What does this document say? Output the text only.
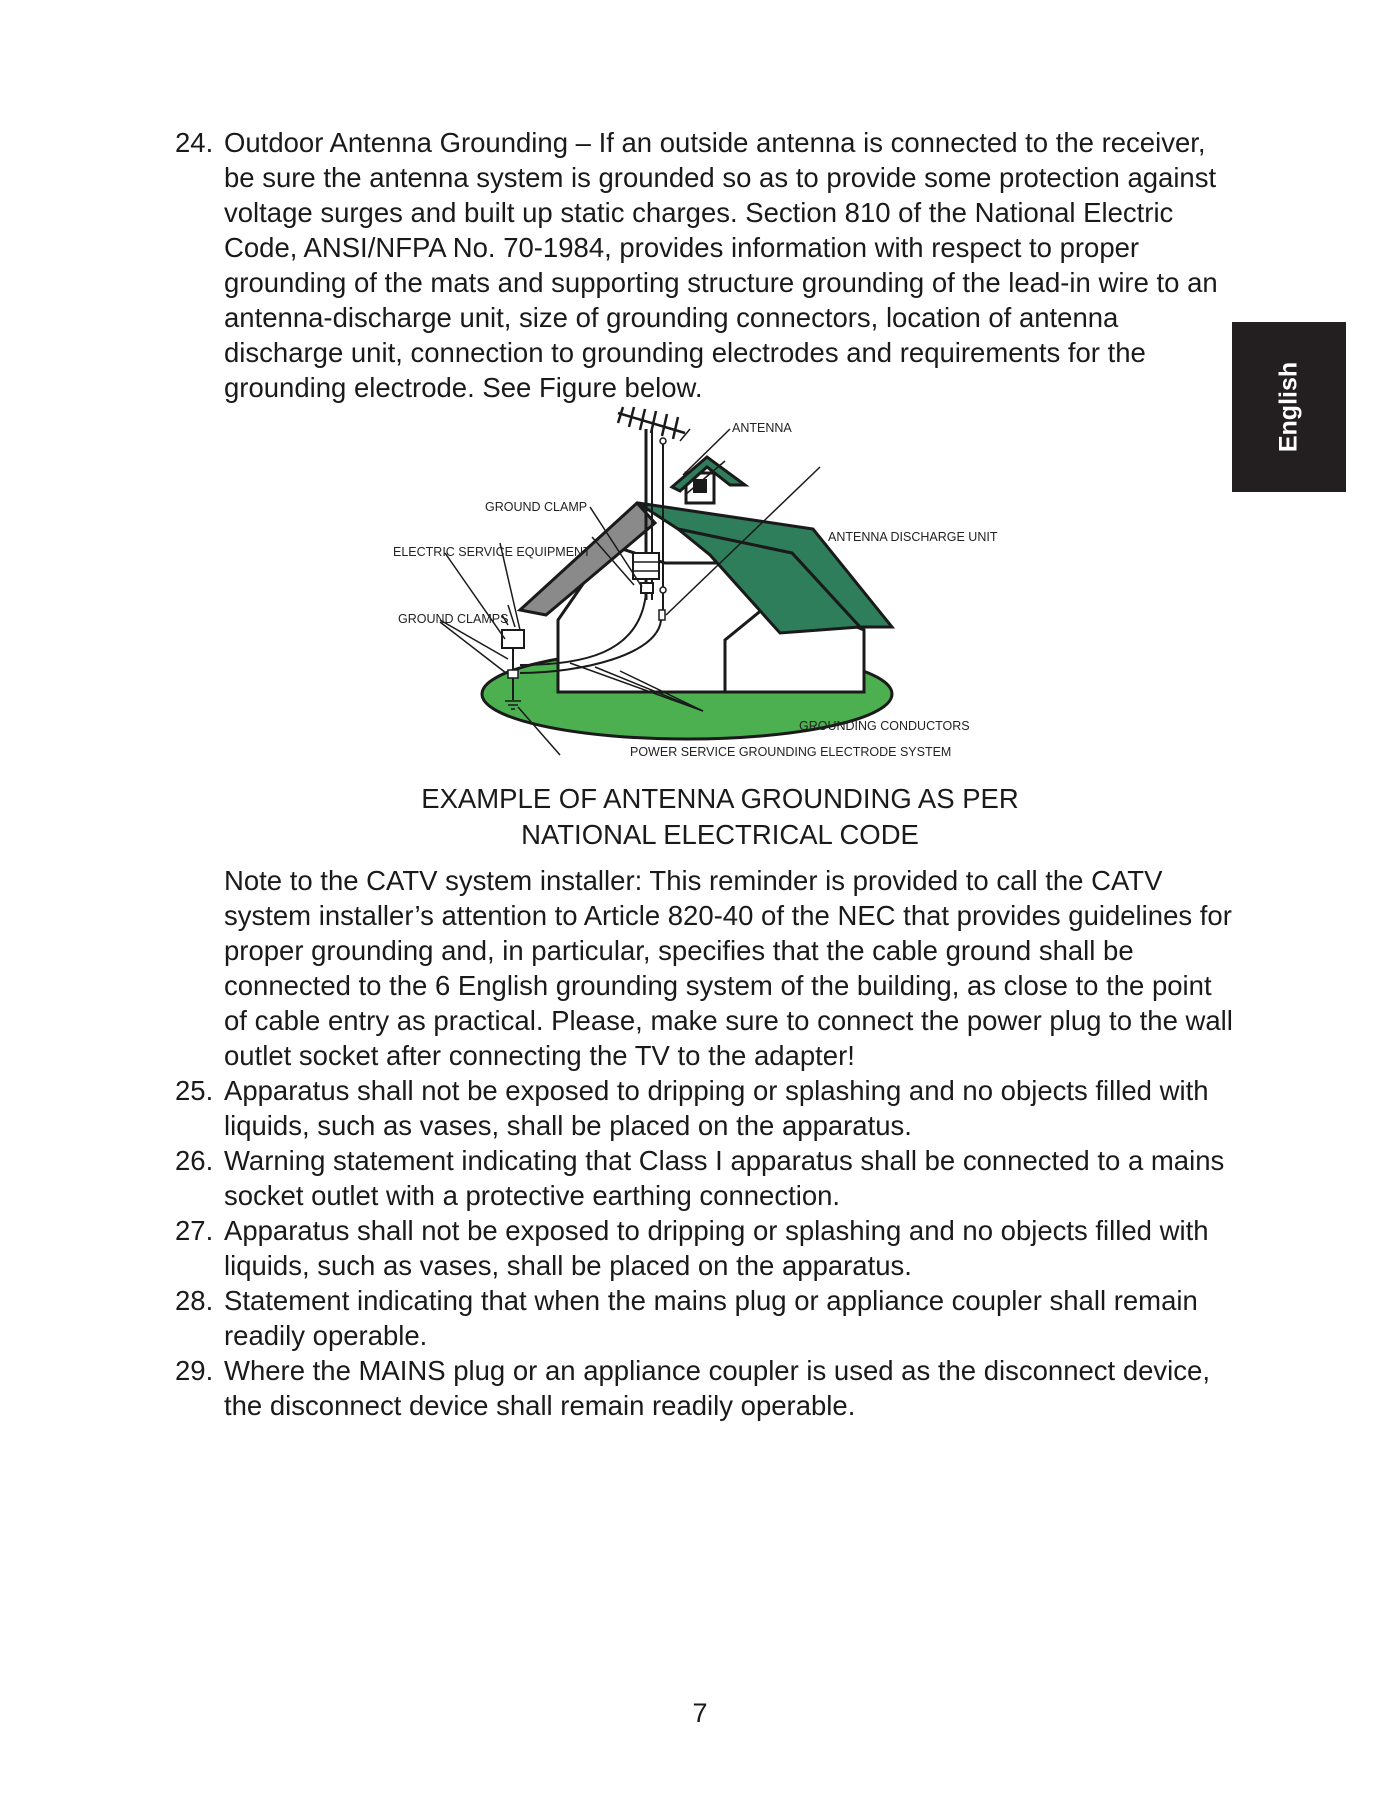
English
24. Outdoor Antenna Grounding – If an outside antenna is connected to the receiver, be sure the antenna system is grounded so as to provide some protection against voltage surges and built up static charges. Section 810 of the National Electric Code, ANSI/NFPA No. 70-1984, provides information with respect to proper grounding of the mats and supporting structure grounding of the lead-in wire to an antenna-discharge unit, size of grounding connectors, location of antenna discharge unit, connection to grounding electrodes and requirements for the grounding electrode. See Figure below.
ANTENNA
GROUND CLAMP
ANTENNA DISCHARGE UNIT
ELECTRIC SERVICE EQUIPMENT
GROUND CLAMPS
GROUNDING CONDUCTORS
POWER SERVICE GROUNDING ELECTRODE SYSTEM
EXAMPLE OF ANTENNA GROUNDING AS PER
NATIONAL ELECTRICAL CODE
Note to the CATV system installer: This reminder is provided to call the CATV system installer’s attention to Article 820-40 of the NEC that provides guidelines for proper grounding and, in particular, specifies that the cable ground shall be connected to the 6 English grounding system of the building, as close to the point of cable entry as practical. Please, make sure to connect the power plug to the wall outlet socket after connecting the TV to the adapter!
25. Apparatus shall not be exposed to dripping or splashing and no objects filled with liquids, such as vases, shall be placed on the apparatus.
26. Warning statement indicating that Class I apparatus shall be connected to a mains socket outlet with a protective earthing connection.
27. Apparatus shall not be exposed to dripping or splashing and no objects filled with liquids, such as vases, shall be placed on the apparatus.
28. Statement indicating that when the mains plug or appliance coupler shall remain readily operable.
29. Where the MAINS plug or an appliance coupler is used as the disconnect device, the disconnect device shall remain readily operable.
7
